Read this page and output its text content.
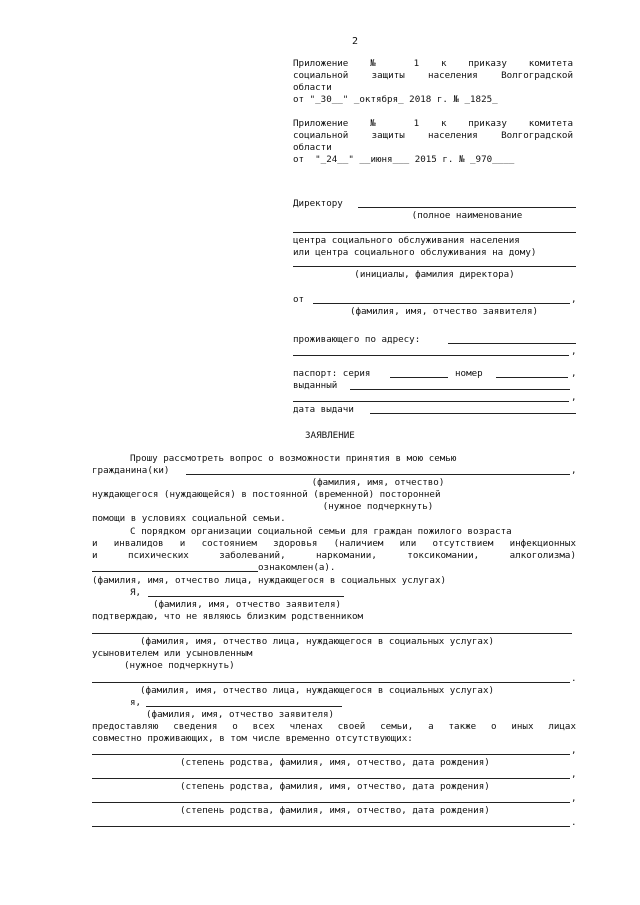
2
Приложение № 1 к приказу комитета
социальной защиты населения Волгоградской
области
от "_30__" _октября_ 2018 г. № _1825_
Приложение № 1 к приказу комитета
социальной защиты населения Волгоградской
области
от  "_24__" __июня___ 2015 г. № _970____
Директору
(полное наименование
центра социального обслуживания населения
или центра социального обслуживания на дому)
(инициалы, фамилия директора)
от	,
(фамилия, имя, отчество заявителя)
проживающего по адресу:
,
паспорт: серия	номер	,
выданный
,
дата выдачи
ЗАЯВЛЕНИЕ
Прошу рассмотреть вопрос о возможности принятия в мою семью
гражданина(ки)	,
(фамилия, имя, отчество)
нуждающегося (нуждающейся) в постоянной (временной) посторонней
(нужное подчеркнуть)
помощи в условиях социальной семьи.
С порядком организации социальной семьи для граждан пожилого возраста
и инвалидов и состоянием здоровья (наличием или отсутствием инфекционных
и психических заболеваний, наркомании, токсикомании, алкоголизма)
ознакомлен(а).
(фамилия, имя, отчество лица, нуждающегося в социальных услугах)
Я,
(фамилия, имя, отчество заявителя)
подтверждаю, что не являюсь близким родственником
(фамилия, имя, отчество лица, нуждающегося в социальных услугах)
усыновителем или усыновленным
(нужное подчеркнуть)
.
(фамилия, имя, отчество лица, нуждающегося в социальных услугах)
я,
(фамилия, имя, отчество заявителя)
предоставляю сведения о всех членах своей семьи, а также о иных лицах
совместно проживающих, в том числе временно отсутствующих:
,
(степень родства, фамилия, имя, отчество, дата рождения)
,
(степень родства, фамилия, имя, отчество, дата рождения)
,
(степень родства, фамилия, имя, отчество, дата рождения)
.
